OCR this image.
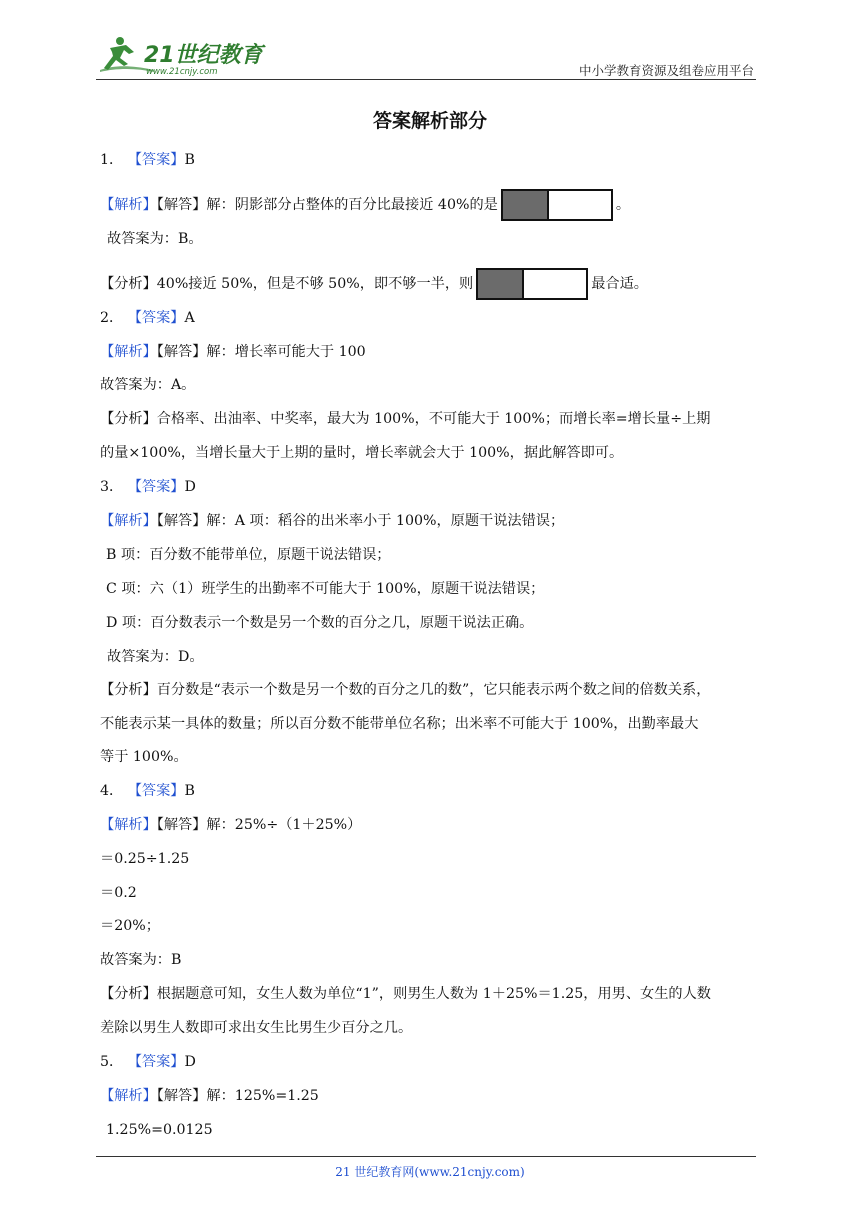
21世纪教育
www.21cnjy.com	中小学教育资源及组卷应用平台
答案解析部分
1． 【答案】B
【解析】【解答】解：阴影部分占整体的百分比最接近 40%的是	。
故答案为：B。
【分析】40%接近 50%，但是不够 50%，即不够一半，则	最合适。
2． 【答案】A
【解析】【解答】解：增长率可能大于 100
故答案为：A。
【分析】合格率、出油率、中奖率，最大为 100%，不可能大于 100%；而增长率=增长量÷上期
的量×100%，当增长量大于上期的量时，增长率就会大于 100%，据此解答即可。
3． 【答案】D
【解析】【解答】解：A 项：稻谷的出米率小于 100%，原题干说法错误；
B 项：百分数不能带单位，原题干说法错误；
C 项：六（1）班学生的出勤率不可能大于 100%，原题干说法错误；
D 项：百分数表示一个数是另一个数的百分之几，原题干说法正确。
故答案为：D。
【分析】百分数是“表示一个数是另一个数的百分之几的数”，它只能表示两个数之间的倍数关系，
不能表示某一具体的数量；所以百分数不能带单位名称；出米率不可能大于 100%，出勤率最大
等于 100%。
4． 【答案】B
【解析】【解答】解：25%÷（1＋25%）
＝0.25÷1.25
＝0.2
＝20%；
故答案为：B
【分析】根据题意可知，女生人数为单位“1”，则男生人数为 1＋25%＝1.25，用男、女生的人数
差除以男生人数即可求出女生比男生少百分之几。
5． 【答案】D
【解析】【解答】解：125%=1.25
1.25%=0.0125
21 世纪教育网(www.21cnjy.com)
